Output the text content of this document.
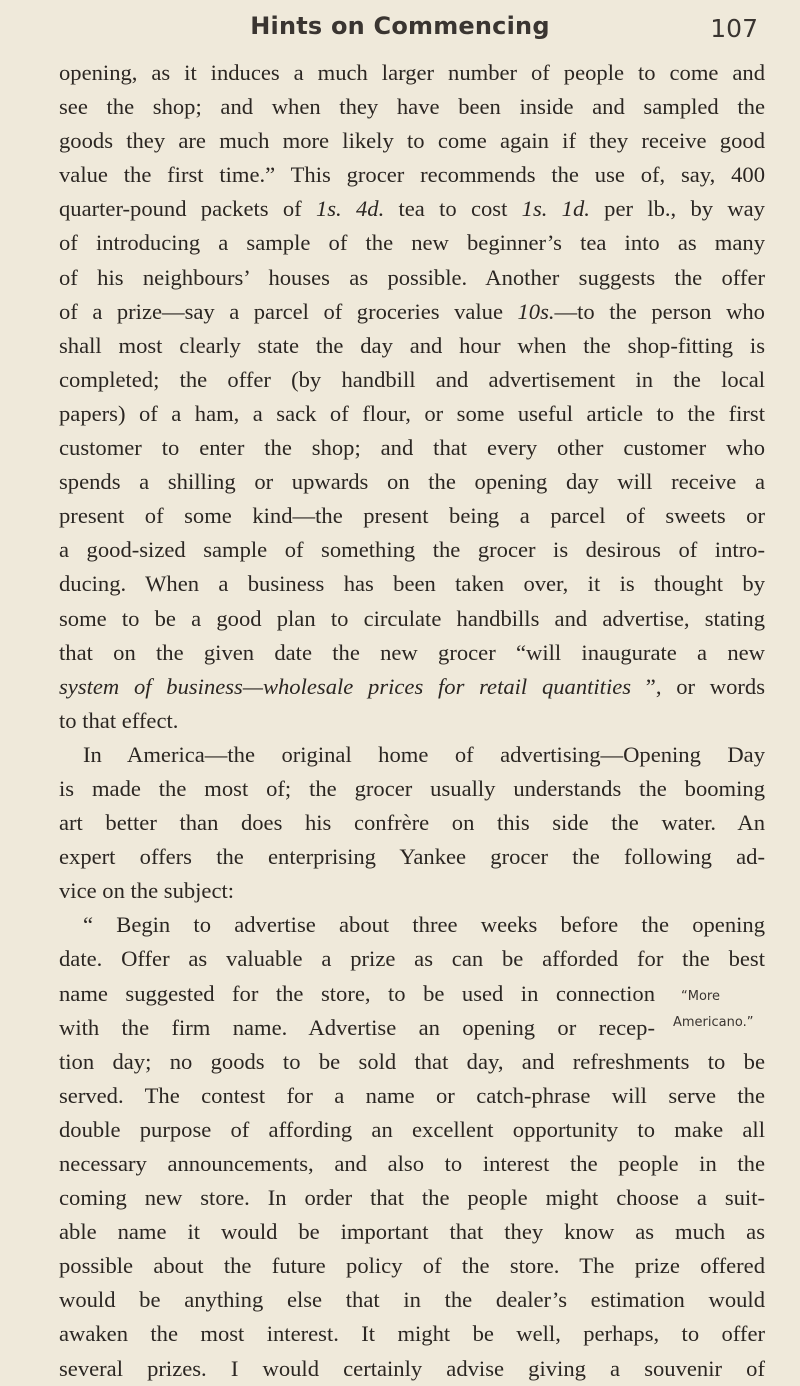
Hints on Commencing	107
opening, as it induces a much larger number of people to come and
see the shop; and when they have been inside and sampled the
goods they are much more likely to come again if they receive good
value the first time.” This grocer recommends the use of, say, 400
quarter-pound packets of 1s. 4d. tea to cost 1s. 1d. per lb., by way
of introducing a sample of the new beginner’s tea into as many
of his neighbours’ houses as possible. Another suggests the offer
of a prize—say a parcel of groceries value 10s.—to the person who
shall most clearly state the day and hour when the shop-fitting is
completed; the offer (by handbill and advertisement in the local
papers) of a ham, a sack of flour, or some useful article to the first
customer to enter the shop; and that every other customer who
spends a shilling or upwards on the opening day will receive a
present of some kind—the present being a parcel of sweets or
a good-sized sample of something the grocer is desirous of intro-
ducing. When a business has been taken over, it is thought by
some to be a good plan to circulate handbills and advertise, stating
that on the given date the new grocer “will inaugurate a new
system of business—wholesale prices for retail quantities ”, or words
to that effect.
In America—the original home of advertising—Opening Day
is made the most of; the grocer usually understands the booming
art better than does his confrère on this side the water. An
expert offers the enterprising Yankee grocer the following ad-
vice on the subject:
“ Begin to advertise about three weeks before the opening
date. Offer as valuable a prize as can be afforded for the best
name suggested for the store, to be used in connection
with the firm name. Advertise an opening or recep-
tion day; no goods to be sold that day, and refreshments to be
served. The contest for a name or catch-phrase will serve the
double purpose of affording an excellent opportunity to make all
necessary announcements, and also to interest the people in the
coming new store. In order that the people might choose a suit-
able name it would be important that they know as much as
possible about the future policy of the store. The prize offered
would be anything else that in the dealer’s estimation would
awaken the most interest. It might be well, perhaps, to offer
several prizes. I would certainly advise giving a souvenir of
“More
Americano.”
